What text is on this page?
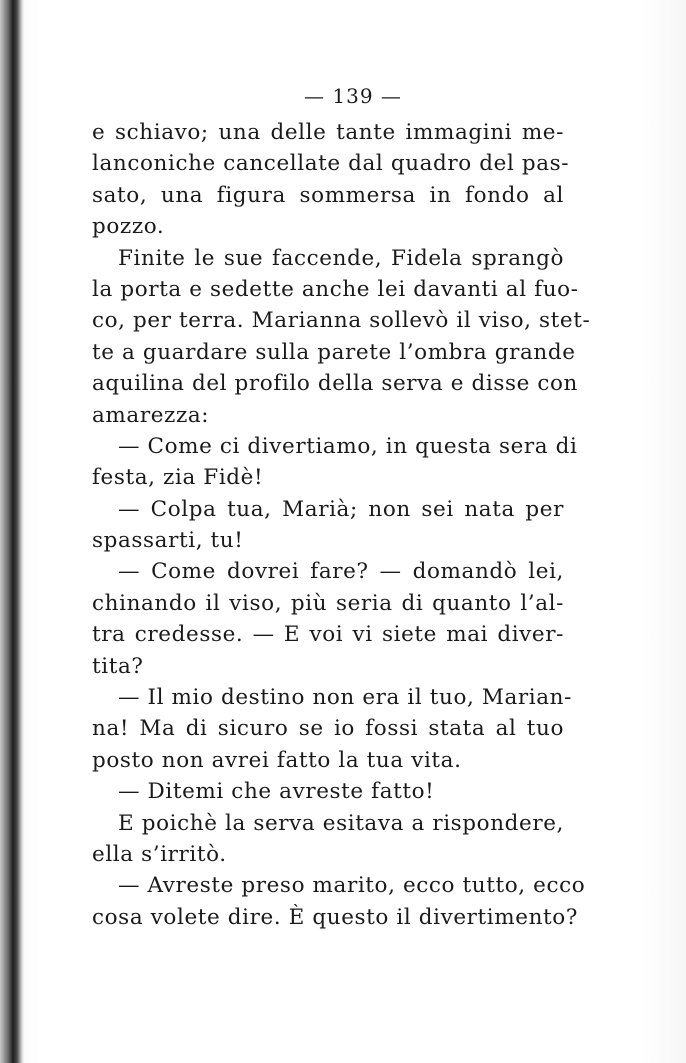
— 139 —
e schiavo; una delle tante immagini me-
lanconiche cancellate dal quadro del pas-
sato, una figura sommersa in fondo al
pozzo.
Finite le sue faccende, Fidela sprangò
la porta e sedette anche lei davanti al fuo-
co, per terra. Marianna sollevò il viso, stet-
te a guardare sulla parete l’ombra grande
aquilina del profilo della serva e disse con
amarezza:
— Come ci divertiamo, in questa sera di
festa, zia Fidè!
— Colpa tua, Marià; non sei nata per
spassarti, tu!
— Come dovrei fare? — domandò lei,
chinando il viso, più seria di quanto l’al-
tra credesse. — E voi vi siete mai diver-
tita?
— Il mio destino non era il tuo, Marian-
na! Ma di sicuro se io fossi stata al tuo
posto non avrei fatto la tua vita.
— Ditemi che avreste fatto!
E poichè la serva esitava a rispondere,
ella s’irritò.
— Avreste preso marito, ecco tutto, ecco
cosa volete dire. È questo il divertimento?
